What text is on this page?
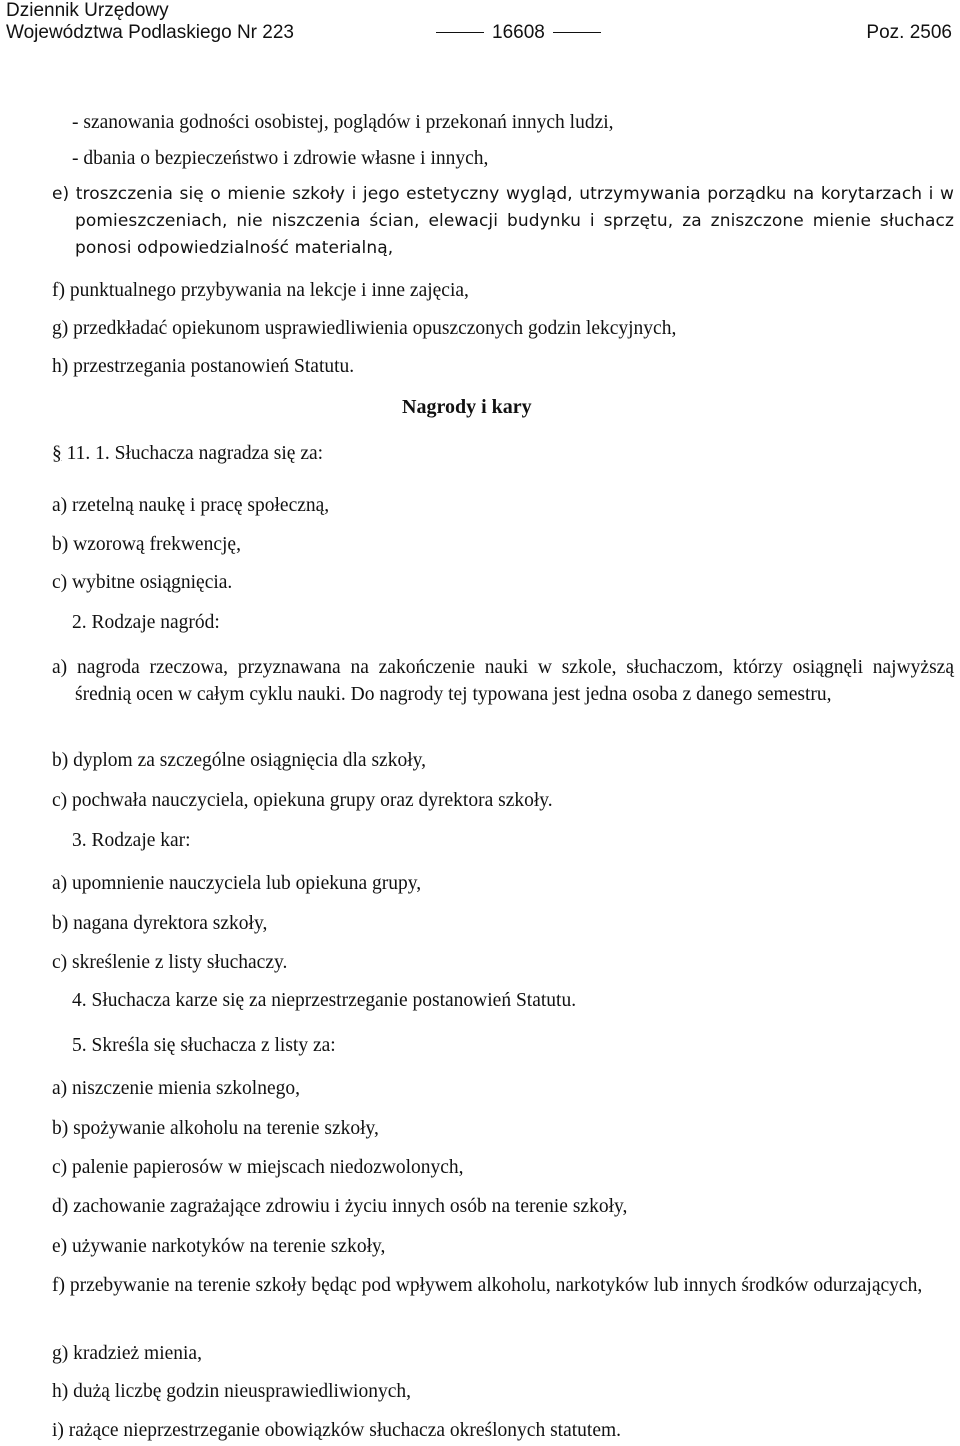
Dziennik Urzędowy
Województwa Podlaskiego Nr 223	16608	Poz. 2506
- szanowania godności osobistej, poglądów i przekonań innych ludzi,
- dbania o bezpieczeństwo i zdrowie własne i innych,
e) troszczenia się o mienie szkoły i jego estetyczny wygląd, utrzymywania porządku na korytarzach i w pomieszczeniach, nie niszczenia ścian, elewacji budynku i sprzętu, za zniszczone mienie słuchacz ponosi odpowiedzialność materialną,
f) punktualnego przybywania na lekcje i inne zajęcia,
g) przedkładać opiekunom usprawiedliwienia opuszczonych godzin lekcyjnych,
h) przestrzegania postanowień Statutu.
Nagrody i kary
§ 11. 1. Słuchacza nagradza się za:
a) rzetelną naukę i pracę społeczną,
b) wzorową frekwencję,
c) wybitne osiągnięcia.
2. Rodzaje nagród:
a) nagroda rzeczowa, przyznawana na zakończenie nauki w szkole, słuchaczom, którzy osiągnęli najwyższą średnią ocen w całym cyklu nauki. Do nagrody tej typowana jest jedna osoba z danego semestru,
b) dyplom za szczególne osiągnięcia dla szkoły,
c) pochwała nauczyciela, opiekuna grupy oraz dyrektora szkoły.
3. Rodzaje kar:
a) upomnienie nauczyciela lub opiekuna grupy,
b) nagana dyrektora szkoły,
c) skreślenie z listy słuchaczy.
4. Słuchacza karze się za nieprzestrzeganie postanowień Statutu.
5. Skreśla się słuchacza z listy za:
a) niszczenie mienia szkolnego,
b) spożywanie alkoholu na terenie szkoły,
c) palenie papierosów w miejscach niedozwolonych,
d) zachowanie zagrażające zdrowiu i życiu innych osób na terenie szkoły,
e) używanie narkotyków na terenie szkoły,
f) przebywanie na terenie szkoły będąc pod wpływem alkoholu, narkotyków lub innych środków odurzających,
g) kradzież mienia,
h) dużą liczbę godzin nieusprawiedliwionych,
i) rażące nieprzestrzeganie obowiązków słuchacza określonych statutem.
